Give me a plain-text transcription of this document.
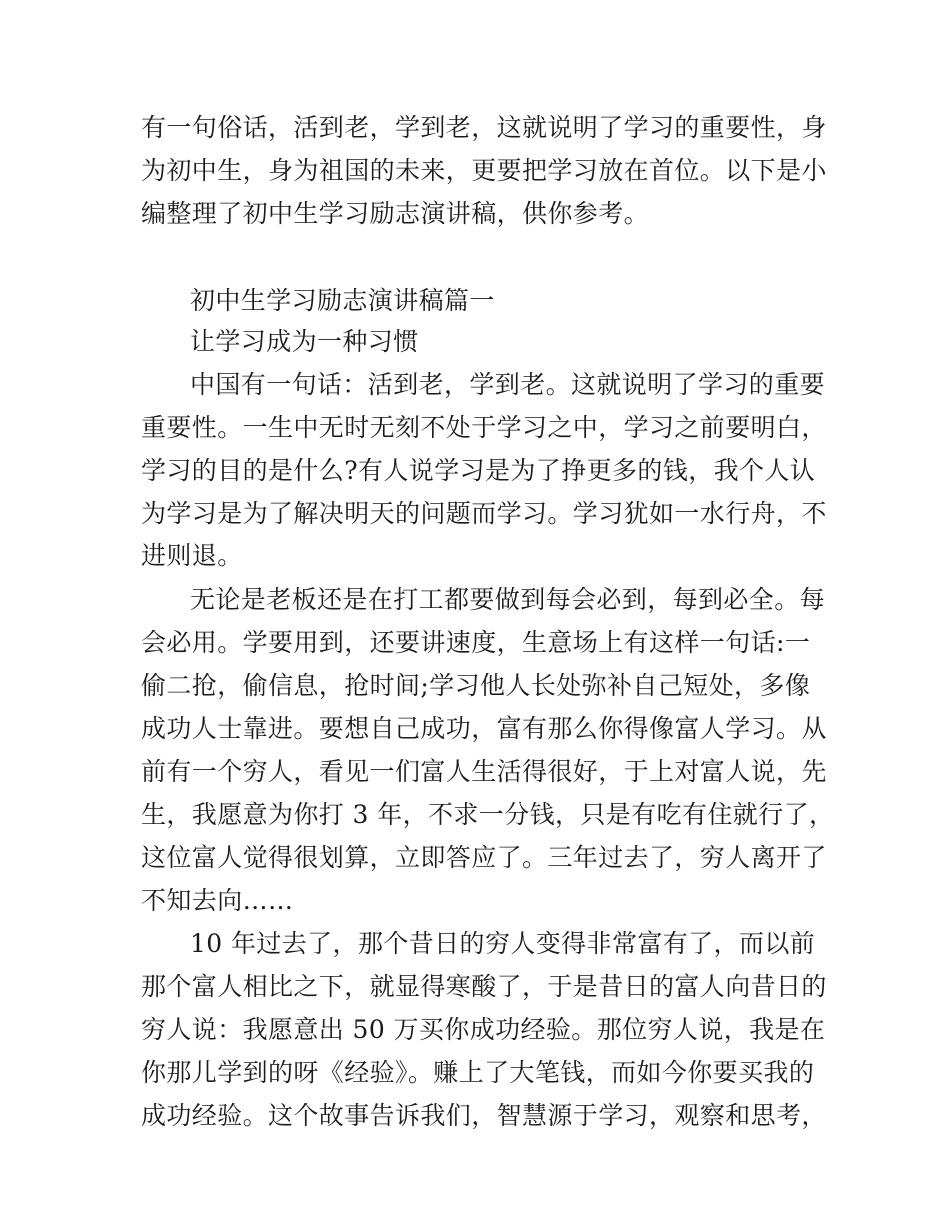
有一句俗话，活到老，学到老，这就说明了学习的重要性，身
为初中生，身为祖国的未来，更要把学习放在首位。以下是小
编整理了初中生学习励志演讲稿，供你参考。
初中生学习励志演讲稿篇一
让学习成为一种习惯
中国有一句话：活到老，学到老。这就说明了学习的重要
重要性。一生中无时无刻不处于学习之中，学习之前要明白，
学习的目的是什么?有人说学习是为了挣更多的钱，我个人认
为学习是为了解决明天的问题而学习。学习犹如一水行舟，不
进则退。
无论是老板还是在打工都要做到每会必到，每到必全。每
会必用。学要用到，还要讲速度，生意场上有这样一句话:一
偷二抢，偷信息，抢时间;学习他人长处弥补自己短处，多像
成功人士靠进。要想自己成功，富有那么你得像富人学习。从
前有一个穷人，看见一们富人生活得很好，于上对富人说，先
生，我愿意为你打 3 年，不求一分钱，只是有吃有住就行了，
这位富人觉得很划算，立即答应了。三年过去了，穷人离开了
不知去向……
10 年过去了，那个昔日的穷人变得非常富有了，而以前
那个富人相比之下，就显得寒酸了，于是昔日的富人向昔日的
穷人说：我愿意出 50 万买你成功经验。那位穷人说，我是在
你那儿学到的呀《经验》。赚上了大笔钱，而如今你要买我的
成功经验。这个故事告诉我们，智慧源于学习，观察和思考，
